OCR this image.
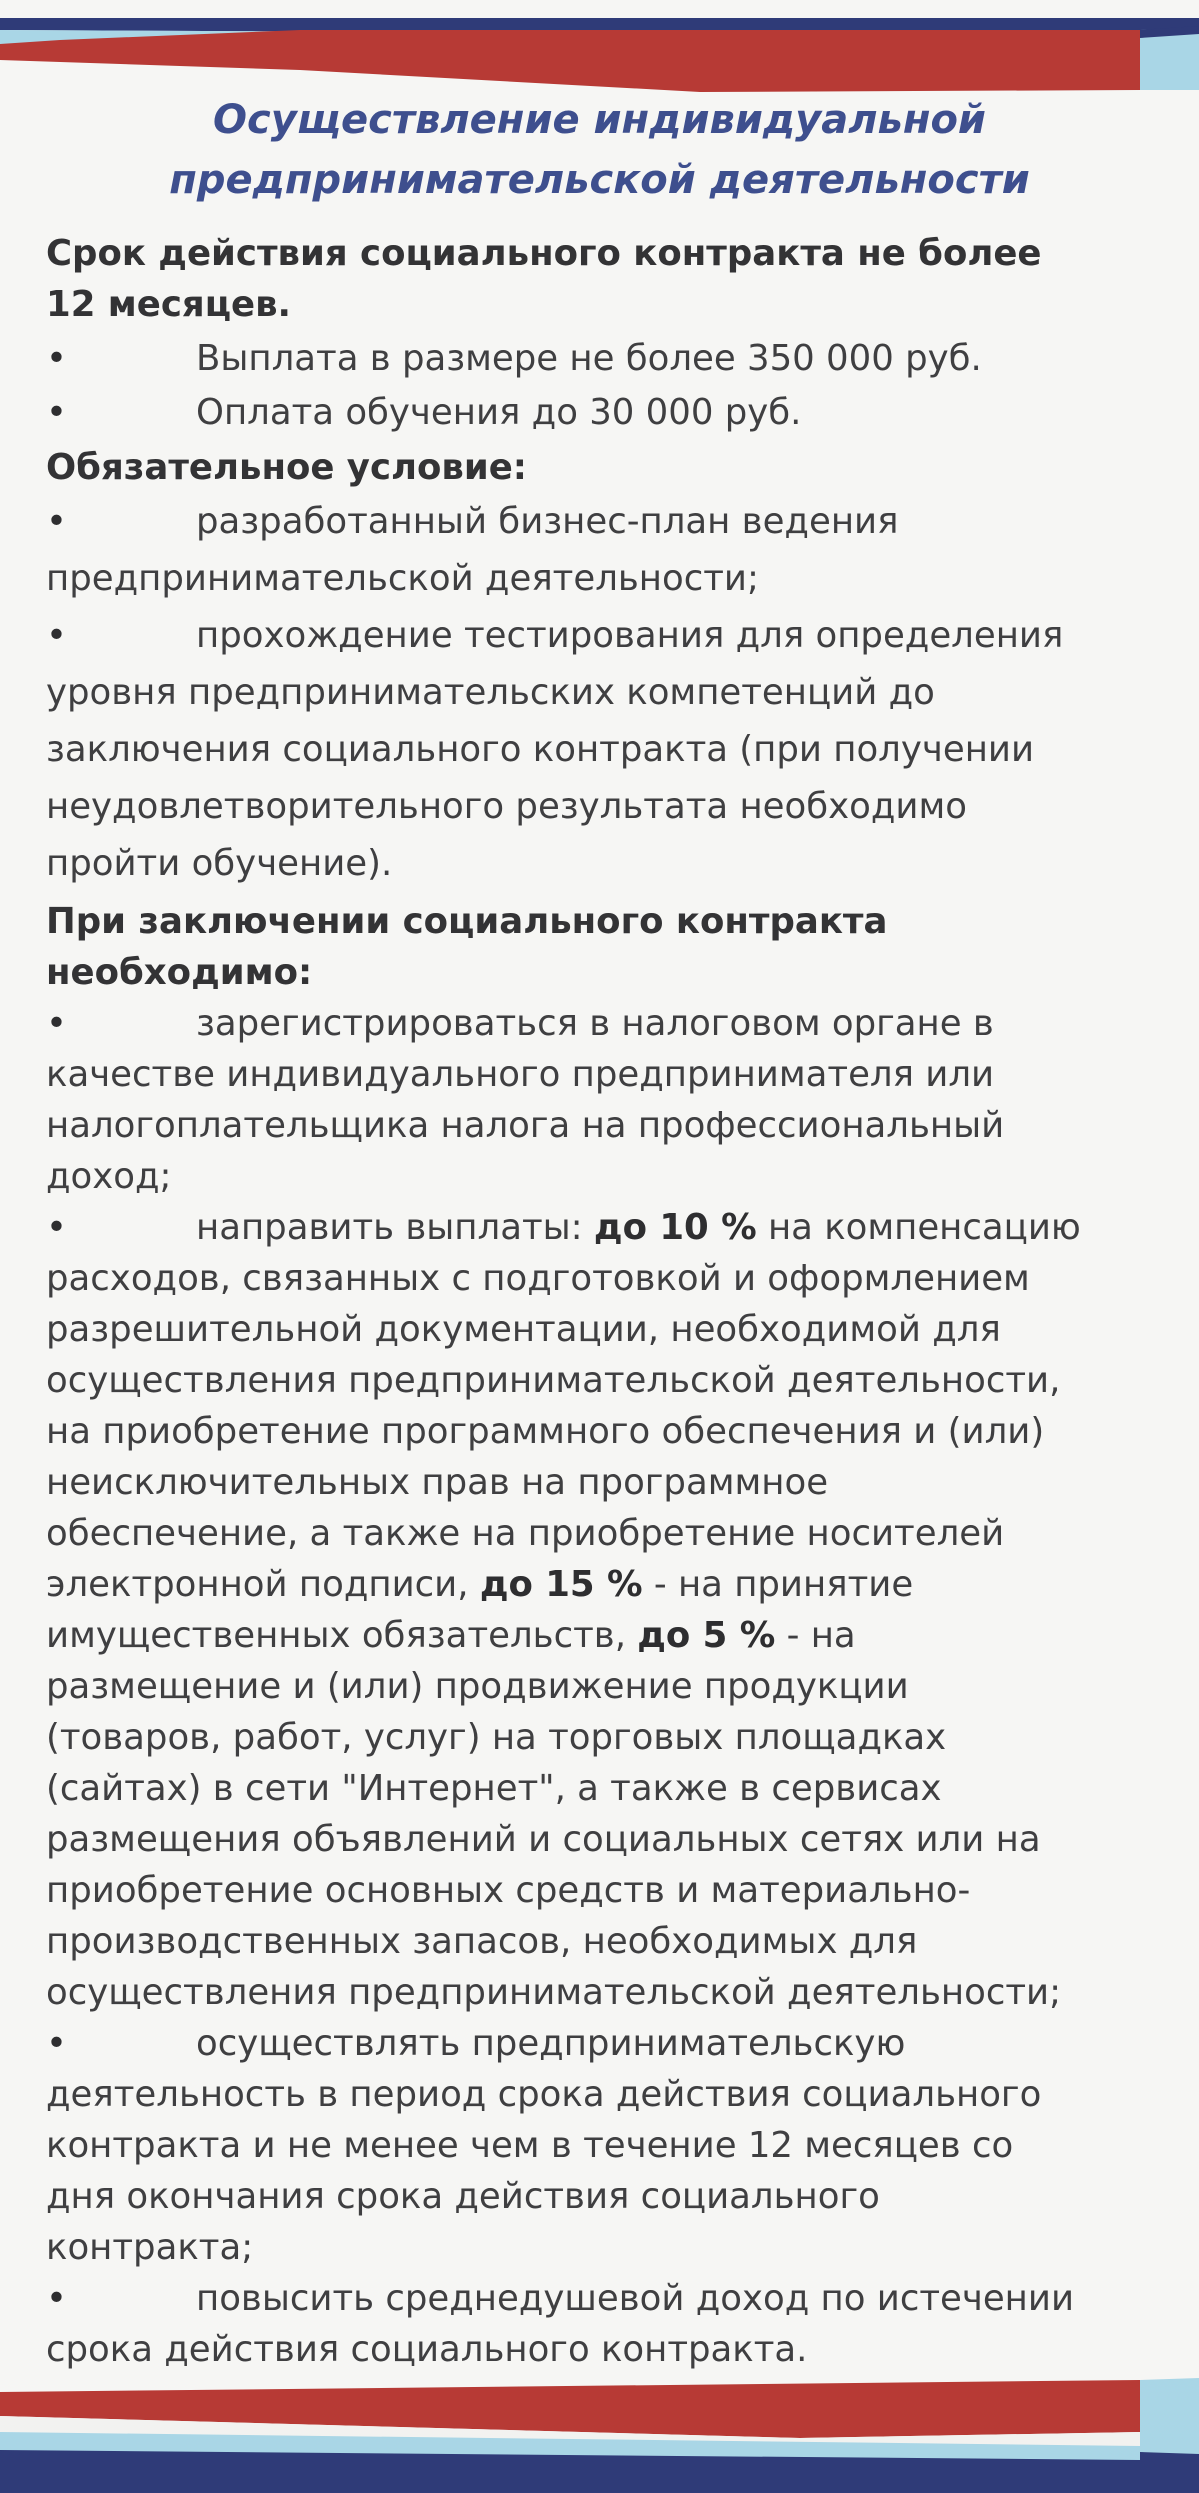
Осуществление индивидуальной
предпринимательской деятельности

Срок действия социального контракта не более 12 месяцев.

•	Выплата в размере не более 350 000 руб.

•	Оплата обучения до 30 000 руб.

Обязательное условие:

•	разработанный бизнес-план ведения предпринимательской деятельности;

•	прохождение тестирования для определения уровня предпринимательских компетенций до заключения социального контракта (при получении неудовлетворительного результата необходимо пройти обучение).

При заключении социального контракта необходимо:

•	зарегистрироваться в налоговом органе в качестве индивидуального предпринимателя или налогоплательщика налога на профессиональный доход;

•	направить выплаты: до 10 % на компенсацию расходов, связанных с подготовкой и оформлением разрешительной документации, необходимой для осуществления предпринимательской деятельности, на приобретение программного обеспечения и (или) неисключительных прав на программное обеспечение, а также на приобретение носителей электронной подписи, до 15 % - на принятие имущественных обязательств, до 5 % - на размещение и (или) продвижение продукции (товаров, работ, услуг) на торговых площадках (сайтах) в сети "Интернет", а также в сервисах размещения объявлений и социальных сетях или на приобретение основных средств и материально-производственных запасов, необходимых для осуществления предпринимательской деятельности;

•	осуществлять предпринимательскую деятельность в период срока действия социального контракта и не менее чем в течение 12 месяцев со дня окончания срока действия социального контракта;

•	повысить среднедушевой доход по истечении срока действия социального контракта.
